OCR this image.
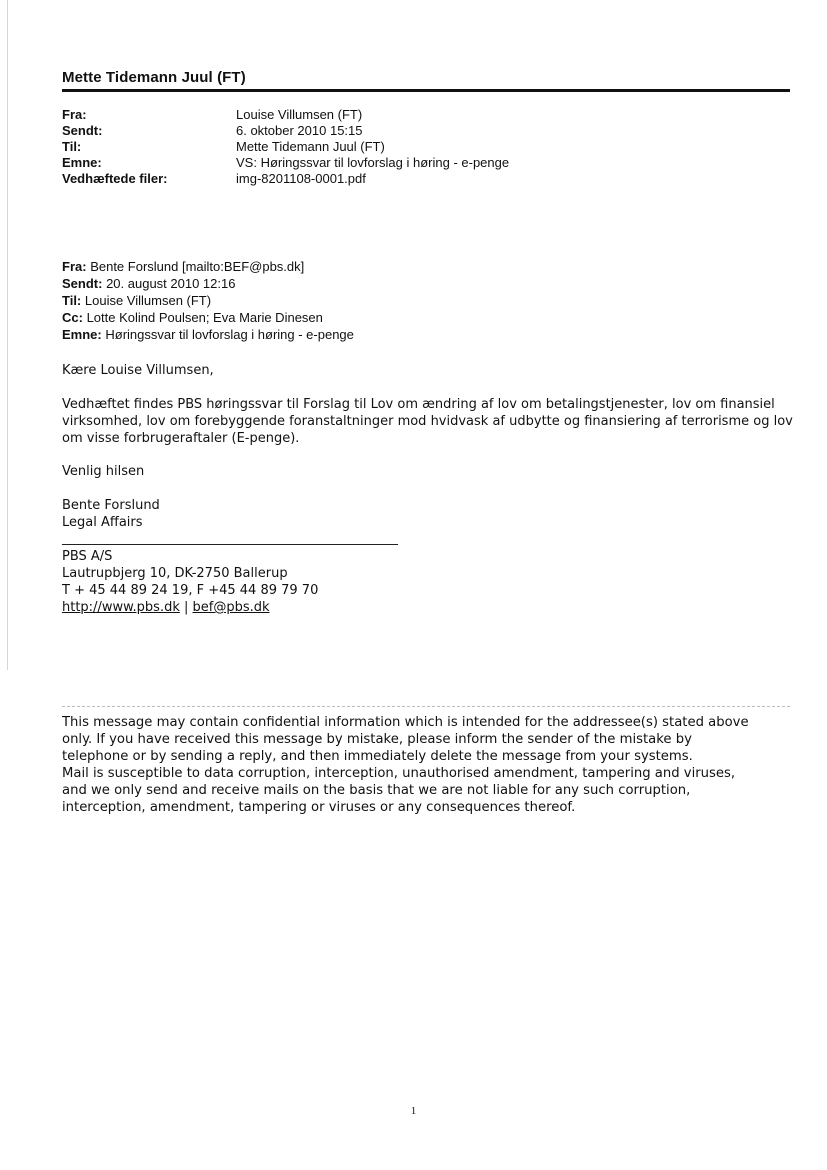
Mette Tidemann Juul (FT)
Fra:	Louise Villumsen (FT)
Sendt:	6. oktober 2010 15:15
Til:	Mette Tidemann Juul (FT)
Emne:	VS: Høringssvar til lovforslag i høring - e-penge
Vedhæftede filer:	img-8201108-0001.pdf
Fra: Bente Forslund [mailto:BEF@pbs.dk]
Sendt: 20. august 2010 12:16
Til: Louise Villumsen (FT)
Cc: Lotte Kolind Poulsen; Eva Marie Dinesen
Emne: Høringssvar til lovforslag i høring - e-penge
Kære Louise Villumsen,
Vedhæftet findes PBS høringssvar til Forslag til Lov om ændring af lov om betalingstjenester, lov om finansiel virksomhed, lov om forebyggende foranstaltninger mod hvidvask af udbytte og finansiering af terrorisme og lov om visse forbrugeraftaler (E-penge).
Venlig hilsen
Bente Forslund
Legal Affairs
PBS A/S
Lautrupbjerg 10, DK-2750 Ballerup
T + 45 44 89 24 19, F +45 44 89 79 70
http://www.pbs.dk | bef@pbs.dk
This message may contain confidential information which is intended for the addressee(s) stated above
only. If you have received this message by mistake, please inform the sender of the mistake by
telephone or by sending a reply, and then immediately delete the message from your systems.
Mail is susceptible to data corruption, interception, unauthorised amendment, tampering and viruses,
and we only send and receive mails on the basis that we are not liable for any such corruption,
interception, amendment, tampering or viruses or any consequences thereof.
1
